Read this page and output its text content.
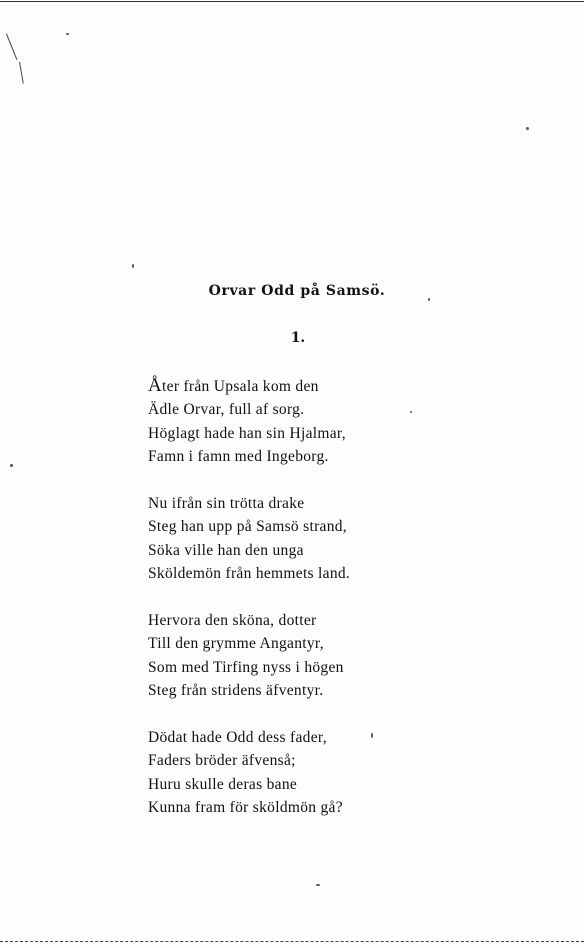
Orvar Odd på Samsö.
1.
Åter från Upsala kom den
Ädle Orvar, full af sorg.
Höglagt hade han sin Hjalmar,
Famn i famn med Ingeborg.
Nu ifrån sin trötta drake
Steg han upp på Samsö strand,
Söka ville han den unga
Sköldemön från hemmets land.
Hervora den sköna, dotter
Till den grymme Angantyr,
Som med Tirfing nyss i högen
Steg från stridens äfventyr.
Dödat hade Odd dess fader,
Faders bröder äfvenså;
Huru skulle deras bane
Kunna fram för sköldmön gå?
